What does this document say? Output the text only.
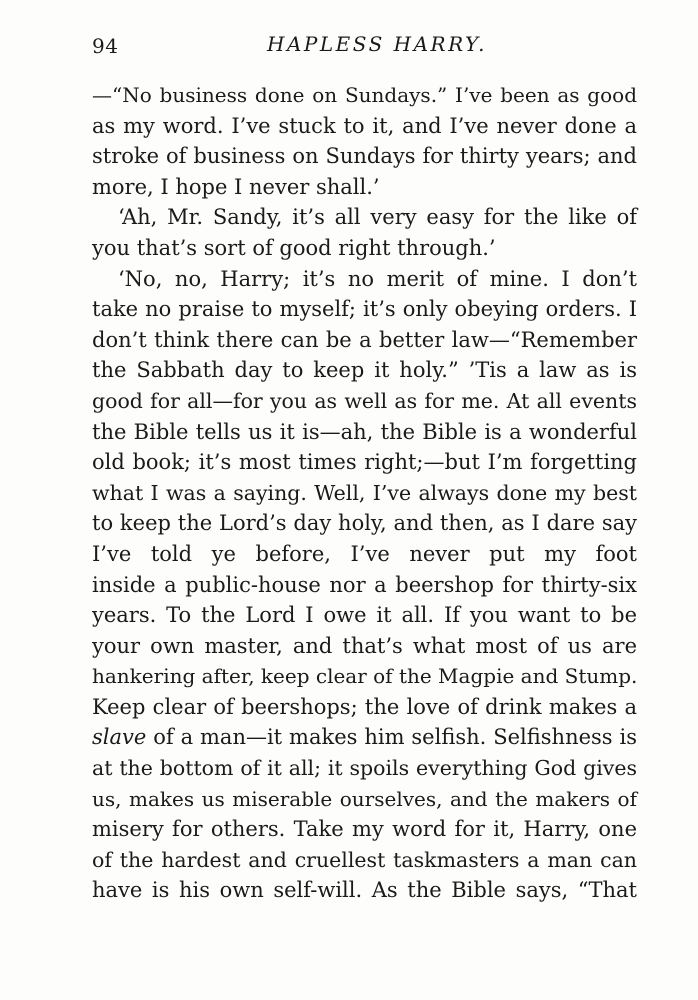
94	HAPLESS HARRY.
—“No business done on Sundays.” I’ve been as good
as my word. I’ve stuck to it, and I’ve never done a
stroke of business on Sundays for thirty years; and
more, I hope I never shall.’
‘Ah, Mr. Sandy, it’s all very easy for the like of
you that’s sort of good right through.’
‘No, no, Harry; it’s no merit of mine. I don’t
take no praise to myself; it’s only obeying orders. I
don’t think there can be a better law—“Remember
the Sabbath day to keep it holy.” ’Tis a law as is
good for all—for you as well as for me. At all events
the Bible tells us it is—ah, the Bible is a wonderful
old book; it’s most times right;—but I’m forgetting
what I was a saying. Well, I’ve always done my best
to keep the Lord’s day holy, and then, as I dare say
I’ve told ye before, I’ve never put my foot
inside a public-house nor a beershop for thirty-six
years. To the Lord I owe it all. If you want to be
your own master, and that’s what most of us are
hankering after, keep clear of the Magpie and Stump.
Keep clear of beershops; the love of drink makes a
slave of a man—it makes him selfish. Selfishness is
at the bottom of it all; it spoils everything God gives
us, makes us miserable ourselves, and the makers of
misery for others. Take my word for it, Harry, one
of the hardest and cruellest taskmasters a man can
have is his own self-will. As the Bible says, “That
